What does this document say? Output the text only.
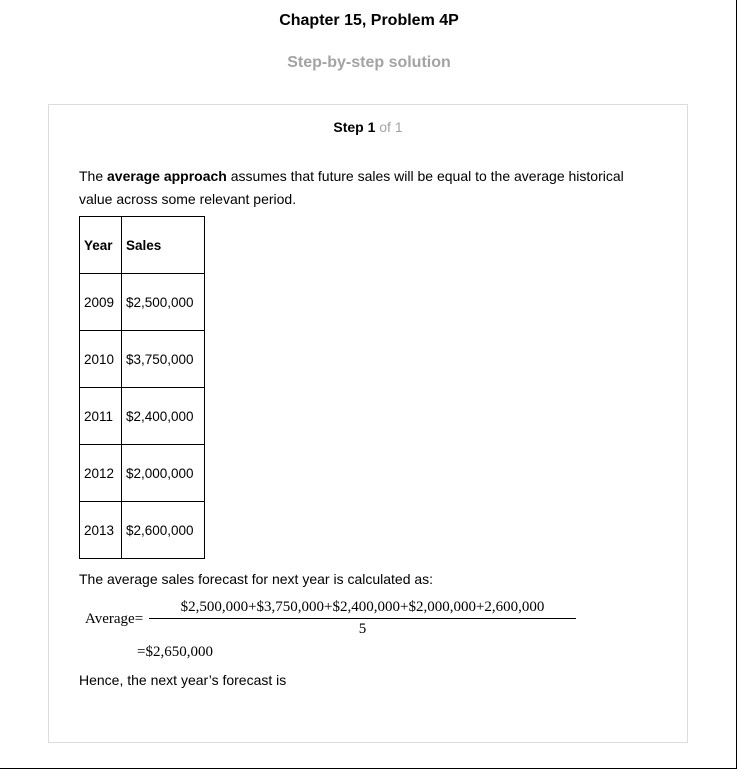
Chapter 15, Problem 4P
Step-by-step solution
Step 1 of 1
The average approach assumes that future sales will be equal to the average historical value across some relevant period.
Year	Sales
2009	$2,500,000
2010	$3,750,000
2011	$2,400,000
2012	$2,000,000
2013	$2,600,000
The average sales forecast for next year is calculated as:
Average=
$2,500,000+$3,750,000+$2,400,000+$2,000,000+2,600,000
5
=$2,650,000
Hence, the next year’s forecast is
